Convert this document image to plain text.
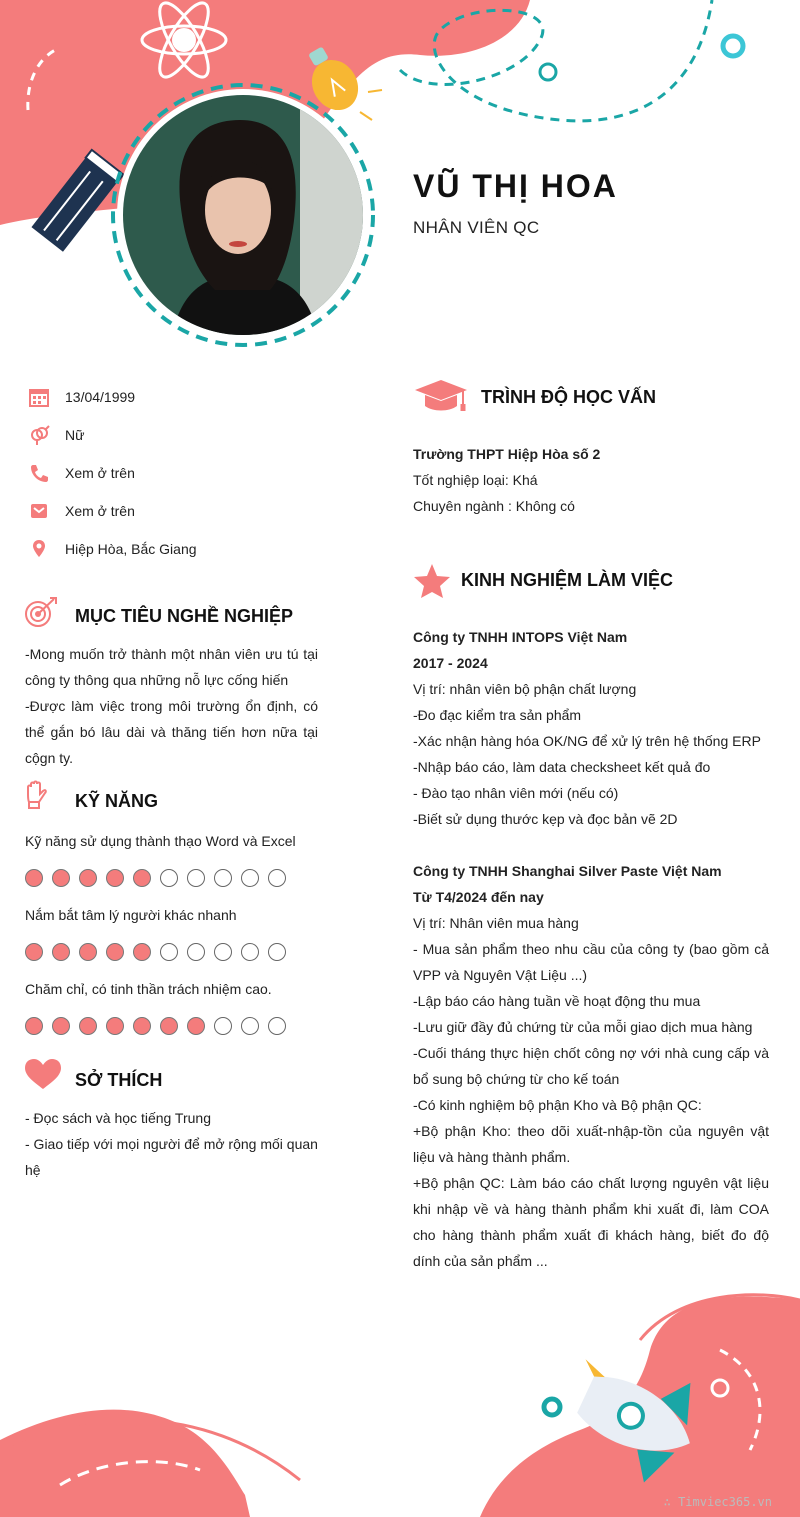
VŨ THỊ HOA
NHÂN VIÊN QC
13/04/1999
Nữ
Xem ở trên
Xem ở trên
Hiệp Hòa, Bắc Giang
MỤC TIÊU NGHỀ NGHIỆP
-Mong muốn trở thành một nhân viên ưu tú tại công ty thông qua những nỗ lực cống hiến
-Được làm việc trong môi trường ổn định, có thể gắn bó lâu dài và thăng tiến hơn nữa tại cộgn ty.
KỸ NĂNG
Kỹ năng sử dụng thành thạo Word và Excel
Nắm bắt tâm lý người khác nhanh
Chăm chỉ, có tinh thần trách nhiệm cao.
SỞ THÍCH
- Đọc sách và học tiếng Trung
- Giao tiếp với mọi người để mở rộng mối quan hệ
TRÌNH ĐỘ HỌC VẤN
Trường THPT Hiệp Hòa số 2
Tốt nghiệp loại: Khá
Chuyên ngành : Không có
KINH NGHIỆM LÀM VIỆC
Công ty TNHH INTOPS Việt Nam
2017 - 2024
Vị trí: nhân viên bộ phận chất lượng
-Đo đạc kiểm tra sản phẩm
-Xác nhận hàng hóa OK/NG để xử lý trên hệ thống ERP
-Nhập báo cáo, làm data checksheet kết quả đo
- Đào tạo nhân viên mới (nếu có)
-Biết sử dụng thước kẹp và đọc bản vẽ 2D
Công ty TNHH Shanghai Silver Paste Việt Nam
Từ T4/2024 đến nay
Vị trí: Nhân viên mua hàng
- Mua sản phẩm theo nhu cầu của công ty (bao gồm cả VPP và Nguyên Vật Liệu ...)
-Lập báo cáo hàng tuần về hoạt động thu mua
-Lưu giữ đầy đủ chứng từ của mỗi giao dịch mua hàng
-Cuối tháng thực hiện chốt công nợ với nhà cung cấp và bổ sung bộ chứng từ cho kế toán
-Có kinh nghiệm bộ phận Kho và Bộ phận QC:
+Bộ phận Kho: theo dõi xuất-nhập-tồn của nguyên vật liệu và hàng thành phẩm.
+Bộ phận QC: Làm báo cáo chất lượng nguyên vật liệu khi nhập về và hàng thành phẩm khi xuất đi, làm COA cho hàng thành phẩm xuất đi khách hàng, biết đo độ dính của sản phẩm ...
∴ Timviec365.vn
